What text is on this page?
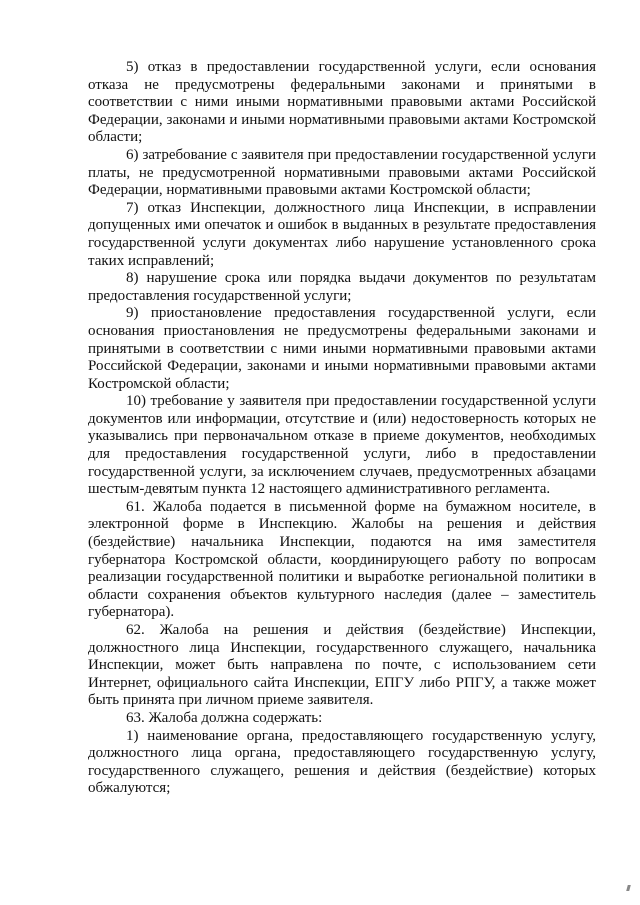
5) отказ в предоставлении государственной услуги, если основания отказа не предусмотрены федеральными законами и принятыми в соответствии с ними иными нормативными правовыми актами Российской Федерации, законами и иными нормативными правовыми актами Костромской области;

6) затребование с заявителя при предоставлении государственной услуги платы, не предусмотренной нормативными правовыми актами Российской Федерации, нормативными правовыми актами Костромской области;

7) отказ Инспекции, должностного лица Инспекции, в исправлении допущенных ими опечаток и ошибок в выданных в результате предоставления государственной услуги документах либо нарушение установленного срока таких исправлений;

8) нарушение срока или порядка выдачи документов по результатам предоставления государственной услуги;

9) приостановление предоставления государственной услуги, если основания приостановления не предусмотрены федеральными законами и принятыми в соответствии с ними иными нормативными правовыми актами Российской Федерации, законами и иными нормативными правовыми актами Костромской области;

10) требование у заявителя при предоставлении государственной услуги документов или информации, отсутствие и (или) недостоверность которых не указывались при первоначальном отказе в приеме документов, необходимых для предоставления государственной услуги, либо в предоставлении государственной услуги, за исключением случаев, предусмотренных абзацами шестым-девятым пункта 12 настоящего административного регламента.

61. Жалоба подается в письменной форме на бумажном носителе, в электронной форме в Инспекцию. Жалобы на решения и действия (бездействие) начальника Инспекции, подаются на имя заместителя губернатора Костромской области, координирующего работу по вопросам реализации государственной политики и выработке региональной политики в области сохранения объектов культурного наследия (далее – заместитель губернатора).

62. Жалоба на решения и действия (бездействие) Инспекции, должностного лица Инспекции, государственного служащего, начальника Инспекции, может быть направлена по почте, с использованием сети Интернет, официального сайта Инспекции, ЕПГУ либо РПГУ, а также может быть принята при личном приеме заявителя.

63. Жалоба должна содержать:

1) наименование органа, предоставляющего государственную услугу, должностного лица органа, предоставляющего государственную услугу, государственного служащего, решения и действия (бездействие) которых обжалуются;
